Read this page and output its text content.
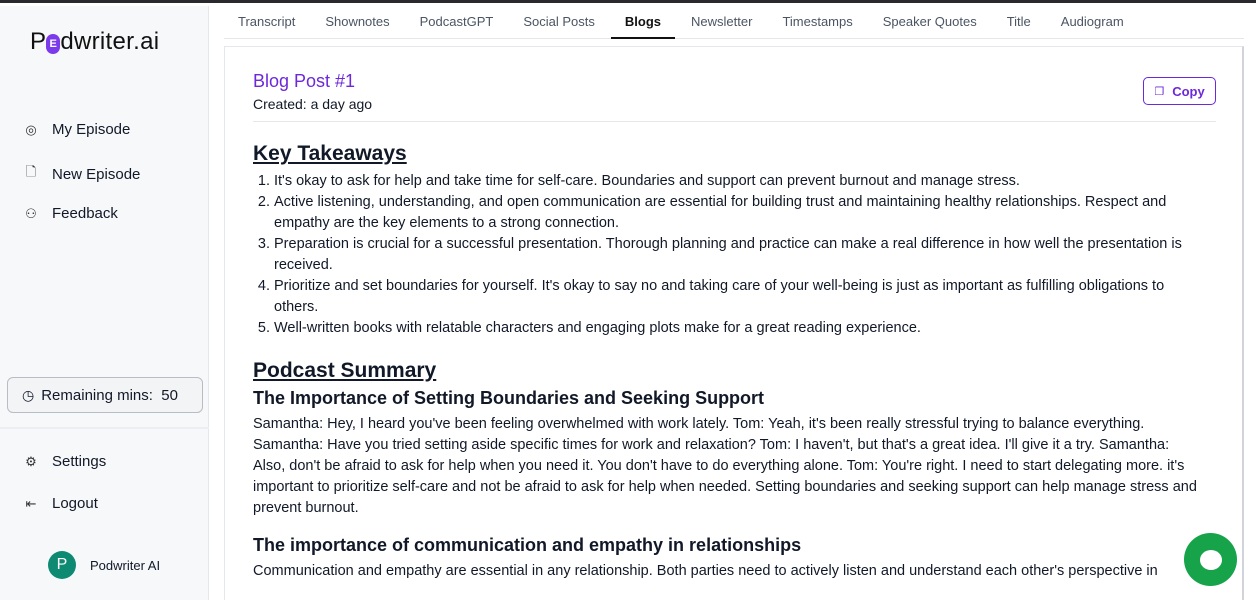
P E dwriter.ai
◎ My Episode
🗋 New Episode
⚇ Feedback
◷ Remaining mins:
50
⚙ Settings
⇤ Logout
P	Podwriter AI
Transcript	Shownotes	PodcastGPT	Social Posts	Blogs	Newsletter	Timestamps	Speaker Quotes	Title	Audiogram
Blog Post #1
Created: a day ago
❐ Copy
Key Takeaways
1. It's okay to ask for help and take time for self-care. Boundaries and support can prevent burnout and manage stress.
2. Active listening, understanding, and open communication are essential for building trust and maintaining healthy relationships. Respect and empathy are the key elements to a strong connection.
3. Preparation is crucial for a successful presentation. Thorough planning and practice can make a real difference in how well the presentation is received.
4. Prioritize and set boundaries for yourself. It's okay to say no and taking care of your well-being is just as important as fulfilling obligations to others.
5. Well-written books with relatable characters and engaging plots make for a great reading experience.
Podcast Summary
The Importance of Setting Boundaries and Seeking Support

Samantha: Hey, I heard you've been feeling overwhelmed with work lately. Tom: Yeah, it's been really stressful trying to balance everything. Samantha: Have you tried setting aside specific times for work and relaxation? Tom: I haven't, but that's a great idea. I'll give it a try. Samantha: Also, don't be afraid to ask for help when you need it. You don't have to do everything alone. Tom: You're right. I need to start delegating more. it's important to prioritize self-care and not be afraid to ask for help when needed. Setting boundaries and seeking support can help manage stress and prevent burnout.

The importance of communication and empathy in relationships

Communication and empathy are essential in any relationship. Both parties need to actively listen and understand each other's perspective in
